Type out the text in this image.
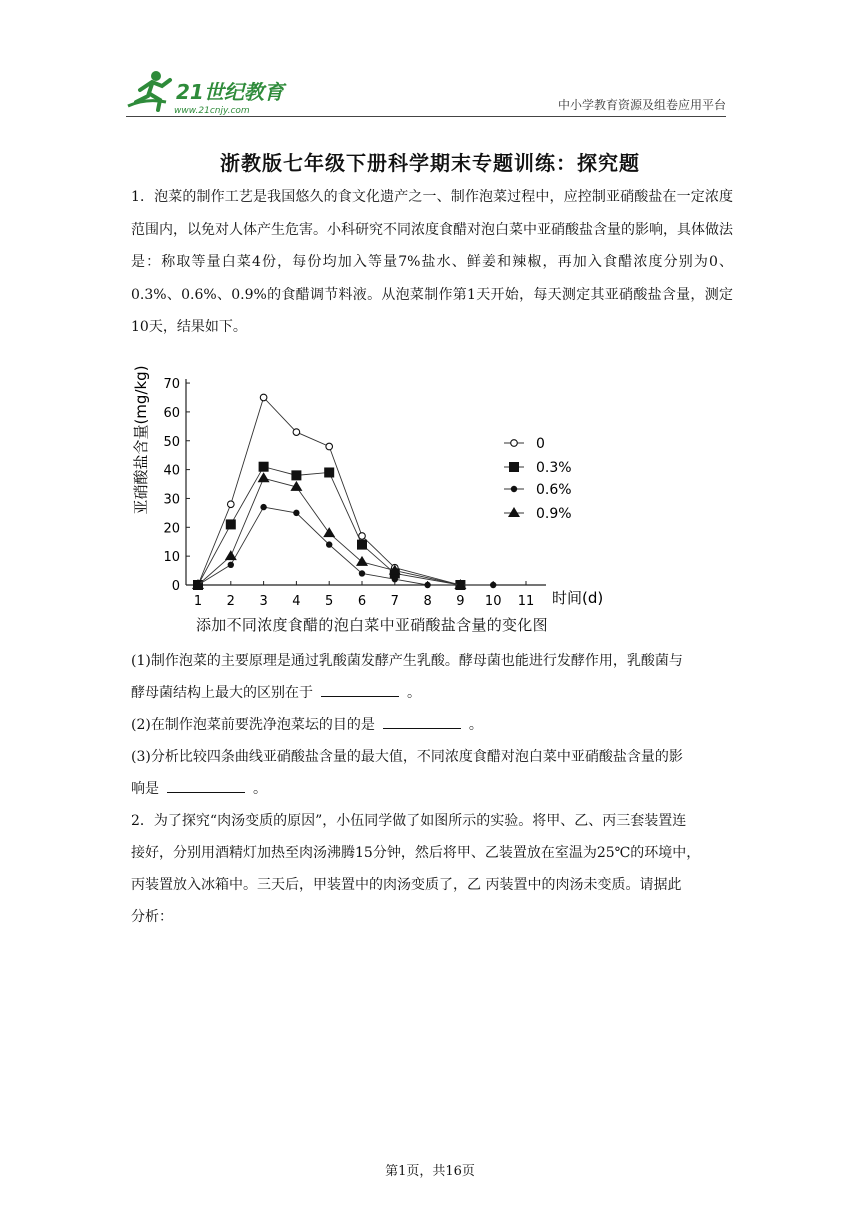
21世纪教育
www.21cnjy.com	中小学教育资源及组卷应用平台
浙教版七年级下册科学期末专题训练：探究题
1．泡菜的制作工艺是我国悠久的食文化遗产之一、制作泡菜过程中，应控制亚硝酸盐在一定浓度范围内，以免对人体产生危害。小科研究不同浓度食醋对泡白菜中亚硝酸盐含量的影响，具体做法是：称取等量白菜4份，每份均加入等量7%盐水、鲜姜和辣椒，再加入食醋浓度分别为0、0.3%、0.6%、0.9%的食醋调节料液。从泡菜制作第1天开始，每天测定其亚硝酸盐含量，测定10天，结果如下。
亚硝酸盐含量(mg/kg)
0
10
20
30
40
50
60
70
1 2 3 4 5 6 7 8 9 10 11
0
0.3%
0.6%
0.9%
时间(d)
添加不同浓度食醋的泡白菜中亚硝酸盐含量的变化图
(1)制作泡菜的主要原理是通过乳酸菌发酵产生乳酸。酵母菌也能进行发酵作用，乳酸菌与
酵母菌结构上最大的区别在于	。
(2)在制作泡菜前要洗净泡菜坛的目的是	。
(3)分析比较四条曲线亚硝酸盐含量的最大值，不同浓度食醋对泡白菜中亚硝酸盐含量的影
响是	。
2．为了探究“肉汤变质的原因”，小伍同学做了如图所示的实验。将甲、乙、丙三套装置连
接好，分别用酒精灯加热至肉汤沸腾15分钟，然后将甲、乙装置放在室温为25℃的环境中，
丙装置放入冰箱中。三天后，甲装置中的肉汤变质了，乙 丙装置中的肉汤未变质。请据此
分析：
第1页，共16页
